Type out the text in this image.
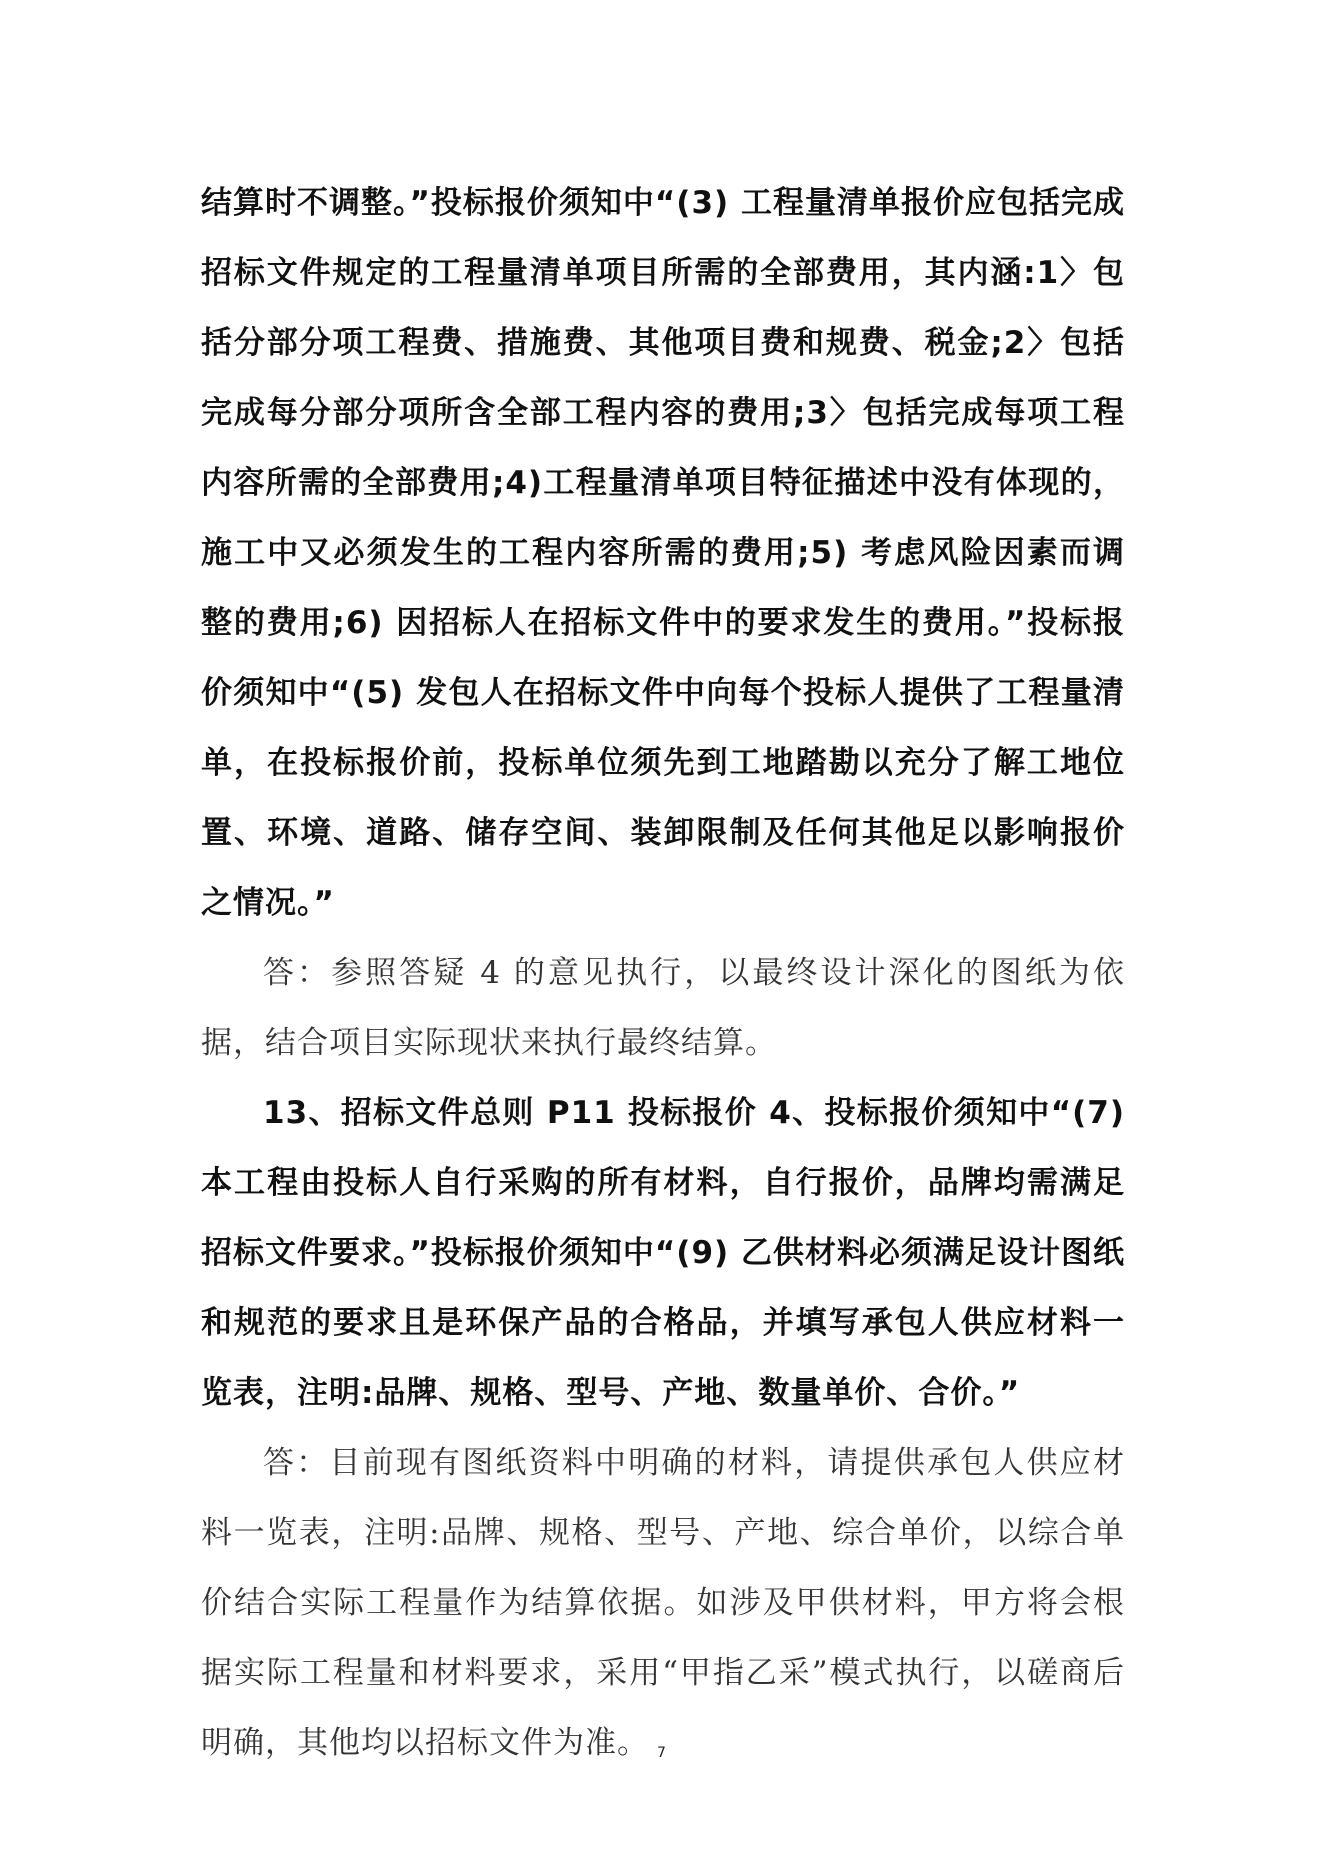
结算时不调整。”投标报价须知中“(3) 工程量清单报价应包括完成招标文件规定的工程量清单项目所需的全部费用，其内涵:1〉包括分部分项工程费、措施费、其他项目费和规费、税金;2〉包括完成每分部分项所含全部工程内容的费用;3〉包括完成每项工程内容所需的全部费用;4)工程量清单项目特征描述中没有体现的，施工中又必须发生的工程内容所需的费用;5) 考虑风险因素而调整的费用;6) 因招标人在招标文件中的要求发生的费用。”投标报价须知中“(5) 发包人在招标文件中向每个投标人提供了工程量清单，在投标报价前，投标单位须先到工地踏勘以充分了解工地位置、环境、道路、储存空间、装卸限制及任何其他足以影响报价之情况。”

答：参照答疑 4 的意见执行，以最终设计深化的图纸为依据，结合项目实际现状来执行最终结算。

13、招标文件总则 P11 投标报价 4、投标报价须知中“(7) 本工程由投标人自行采购的所有材料，自行报价，品牌均需满足招标文件要求。”投标报价须知中“(9) 乙供材料必须满足设计图纸和规范的要求且是环保产品的合格品，并填写承包人供应材料一览表，注明:品牌、规格、型号、产地、数量单价、合价。”

答：目前现有图纸资料中明确的材料，请提供承包人供应材料一览表，注明:品牌、规格、型号、产地、综合单价，以综合单价结合实际工程量作为结算依据。如涉及甲供材料，甲方将会根据实际工程量和材料要求，采用“甲指乙采”模式执行，以磋商后明确，其他均以招标文件为准。 7
